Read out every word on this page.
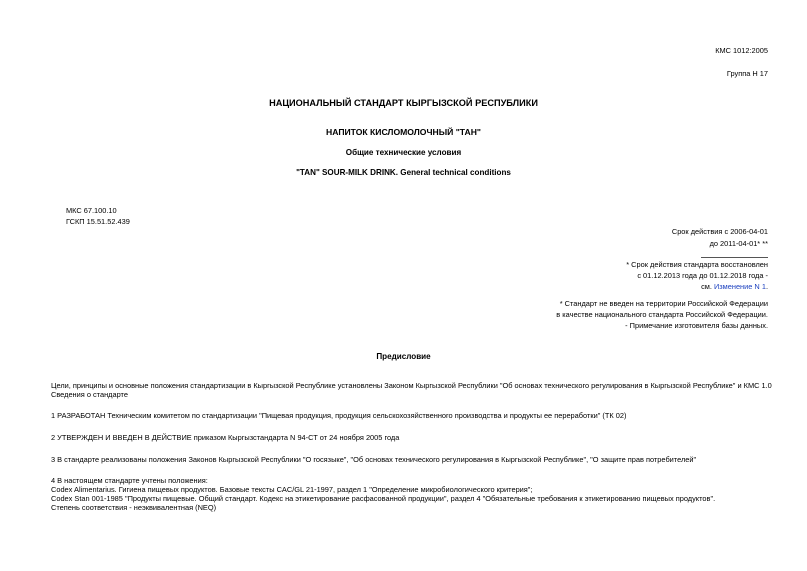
КМС 1012:2005
Группа Н 17
НАЦИОНАЛЬНЫЙ СТАНДАРТ КЫРГЫЗСКОЙ РЕСПУБЛИКИ
НАПИТОК КИСЛОМОЛОЧНЫЙ "ТАН"
Общие технические условия
"TAN" SOUR-MILK DRINK. General technical conditions
МКС 67.100.10
ГСКП 15.51.52.439
Срок действия с 2006-04-01
до 2011-04-01* **
* Срок действия стандарта восстановлен
с 01.12.2013 года до 01.12.2018 года -
см. Изменение N 1.
* Стандарт не введен на территории Российской Федерации
в качестве национального стандарта Российской Федерации.
- Примечание изготовителя базы данных.
Предисловие
Цели, принципы и основные положения стандартизации в Кыргызской Республике установлены Законом Кыргызской Республики "Об основах технического регулирования в Кыргызской Республике" и КМС 1.0
Сведения о стандарте
1 РАЗРАБОТАН Техническим комитетом по стандартизации "Пищевая продукция, продукция сельскохозяйственного производства и продукты ее переработки" (ТК 02)
2 УТВЕРЖДЕН И ВВЕДЕН В ДЕЙСТВИЕ приказом Кыргызстандарта N 94-СТ от 24 ноября 2005 года
3 В стандарте реализованы положения Законов Кыргызской Республики "О госязыке", "Об основах технического регулирования в Кыргызской Республике", "О защите прав потребителей"
4 В настоящем стандарте учтены положения:
Codex Alimentarius. Гигиена пищевых продуктов. Базовые тексты CAC/GL 21-1997, раздел 1 "Определение микробиологического критерия";
Codex Stan 001-1985 "Продукты пищевые. Общий стандарт. Кодекс на этикетирование расфасованной продукции", раздел 4 "Обязательные требования к этикетированию пищевых продуктов".
Степень соответствия - неэквивалентная (NEQ)
